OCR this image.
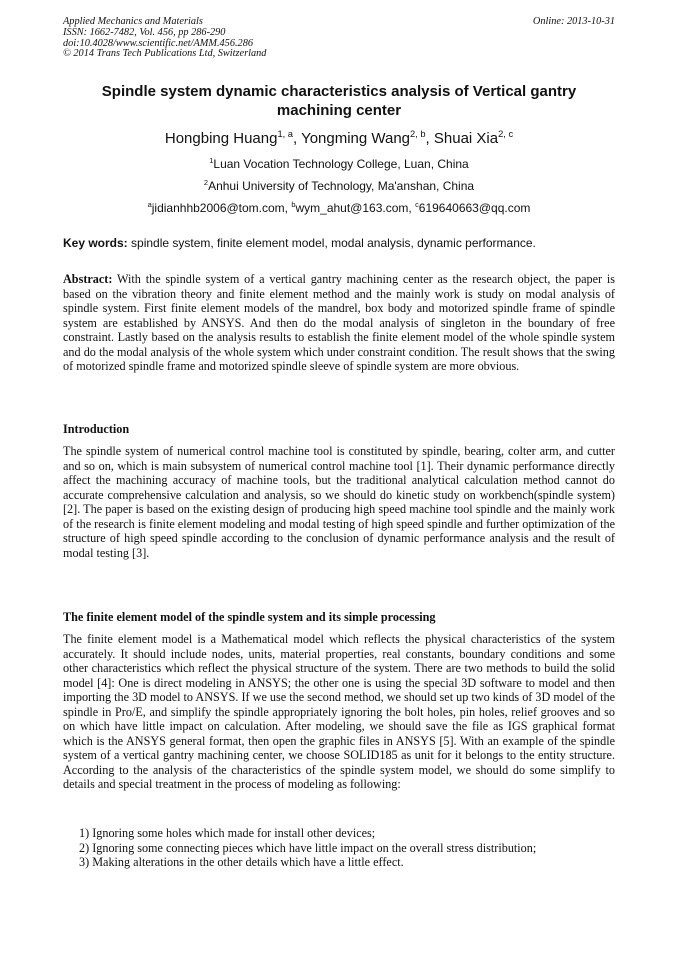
Applied Mechanics and Materials
ISSN: 1662-7482, Vol. 456, pp 286-290
doi:10.4028/www.scientific.net/AMM.456.286
© 2014 Trans Tech Publications Ltd, Switzerland
Online: 2013-10-31
Spindle system dynamic characteristics analysis of Vertical gantry machining center
Hongbing Huang$^{1, a}$, Yongming Wang$^{2, b}$, Shuai Xia$^{2, c}$
$^1$Luan Vocation Technology College, Luan, China
$^2$Anhui University of Technology, Ma'anshan, China
$^a$jidianhhb2006@tom.com, $^b$wym_ahut@163.com, $^c$619640663@qq.com
Key words: spindle system, finite element model, modal analysis, dynamic performance.

Abstract: With the spindle system of a vertical gantry machining center as the research object, the paper is based on the vibration theory and finite element method and the mainly work is study on modal analysis of spindle system. First finite element models of the mandrel, box body and motorized spindle frame of spindle system are established by ANSYS. And then do the modal analysis of singleton in the boundary of free constraint. Lastly based on the analysis results to establish the finite element model of the whole spindle system and do the modal analysis of the whole system which under constraint condition. The result shows that the swing of motorized spindle frame and motorized spindle sleeve of spindle system are more obvious.

Introduction

The spindle system of numerical control machine tool is constituted by spindle, bearing, colter arm, and cutter and so on, which is main subsystem of numerical control machine tool [1]. Their dynamic performance directly affect the machining accuracy of machine tools, but the traditional analytical calculation method cannot do accurate comprehensive calculation and analysis, so we should do kinetic study on workbench(spindle system)[2]. The paper is based on the existing design of producing high speed machine tool spindle and the mainly work of the research is finite element modeling and modal testing of high speed spindle and further optimization of the structure of high speed spindle according to the conclusion of dynamic performance analysis and the result of modal testing [3].

The finite element model of the spindle system and its simple processing

The finite element model is a Mathematical model which reflects the physical characteristics of the system accurately. It should include nodes, units, material properties, real constants, boundary conditions and some other characteristics which reflect the physical structure of the system. There are two methods to build the solid model [4]: One is direct modeling in ANSYS; the other one is using the special 3D software to model and then importing the 3D model to ANSYS. If we use the second method, we should set up two kinds of 3D model of the spindle in Pro/E, and simplify the spindle appropriately ignoring the bolt holes, pin holes, relief grooves and so on which have little impact on calculation. After modeling, we should save the file as IGS graphical format which is the ANSYS general format, then open the graphic files in ANSYS [5]. With an example of the spindle system of a vertical gantry machining center, we choose SOLID185 as unit for it belongs to the entity structure. According to the analysis of the characteristics of the spindle system model, we should do some simplify to details and special treatment in the process of modeling as following:

1) Ignoring some holes which made for install other devices;
2) Ignoring some connecting pieces which have little impact on the overall stress distribution;
3) Making alterations in the other details which have a little effect.
